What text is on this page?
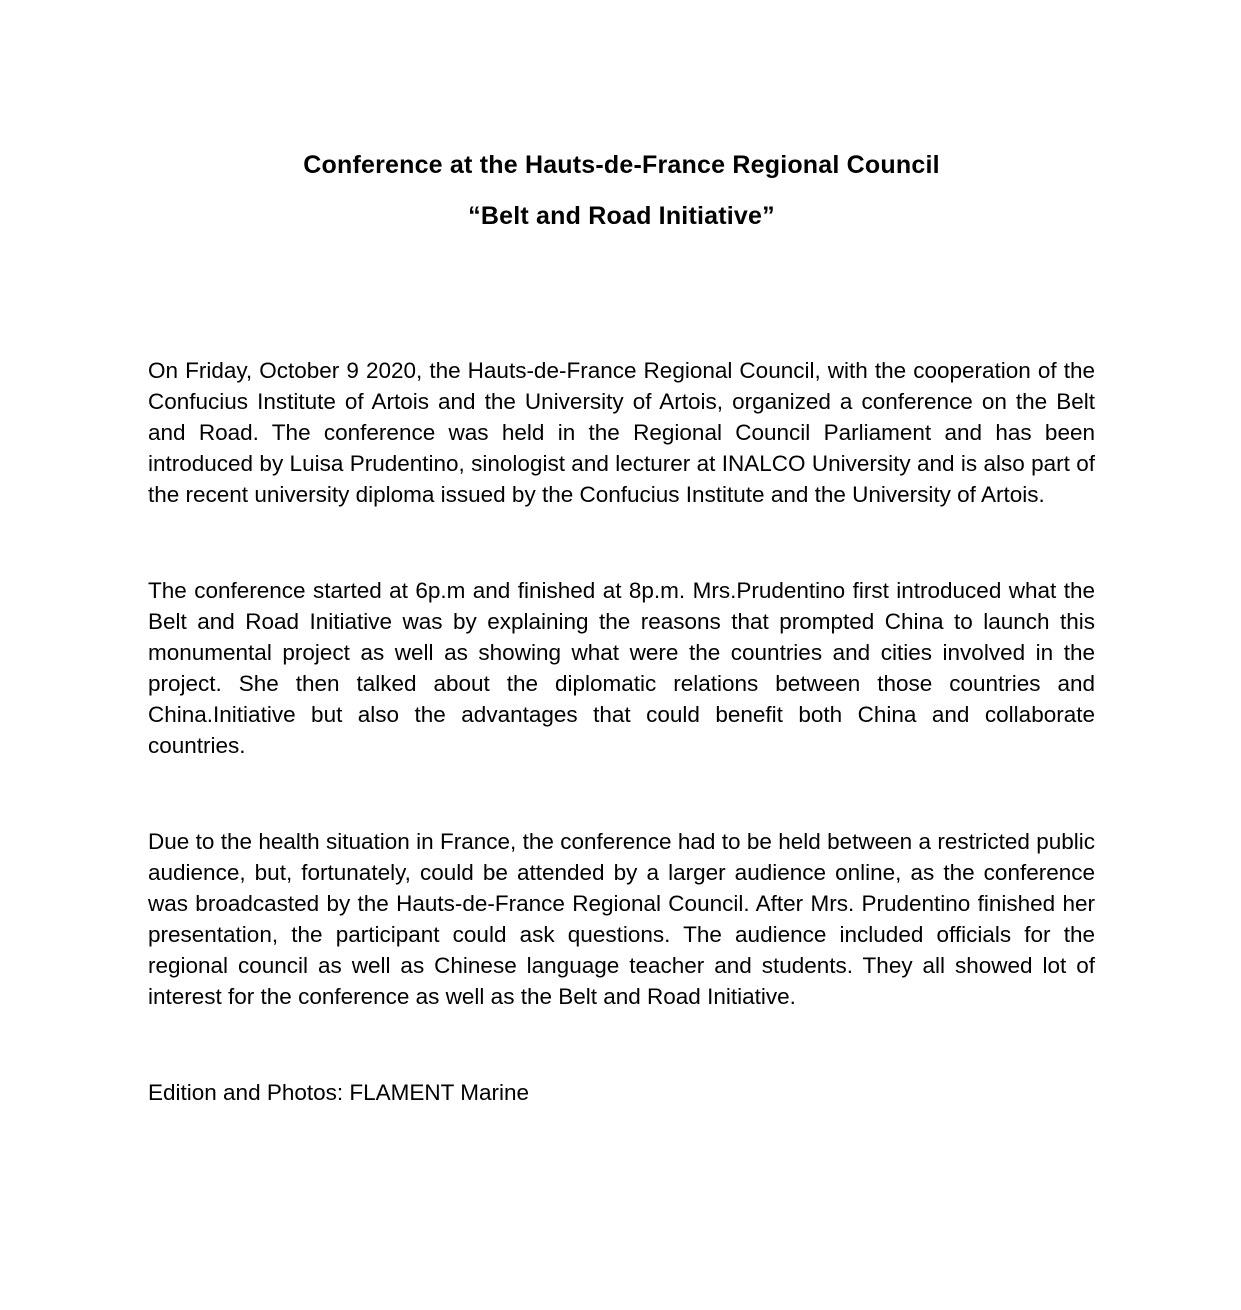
Conference at the Hauts-de-France Regional Council
“Belt and Road Initiative”

On Friday, October 9 2020, the Hauts-de-France Regional Council, with the cooperation of the Confucius Institute of Artois and the University of Artois, organized a conference on the Belt and Road. The conference was held in the Regional Council Parliament and has been introduced by Luisa Prudentino, sinologist and lecturer at INALCO University and is also part of the recent university diploma issued by the Confucius Institute and the University of Artois.

The conference started at 6p.m and finished at 8p.m. Mrs.Prudentino first introduced what the Belt and Road Initiative was by explaining the reasons that prompted China to launch this monumental project as well as showing what were the countries and cities involved in the project. She then talked about the diplomatic relations between those countries and China.Initiative but also the advantages that could benefit both China and collaborate countries.

Due to the health situation in France, the conference had to be held between a restricted public audience, but, fortunately, could be attended by a larger audience online, as the conference was broadcasted by the Hauts-de-France Regional Council. After Mrs. Prudentino finished her presentation, the participant could ask questions. The audience included officials for the regional council as well as Chinese language teacher and students. They all showed lot of interest for the conference as well as the Belt and Road Initiative.

Edition and Photos: FLAMENT Marine
